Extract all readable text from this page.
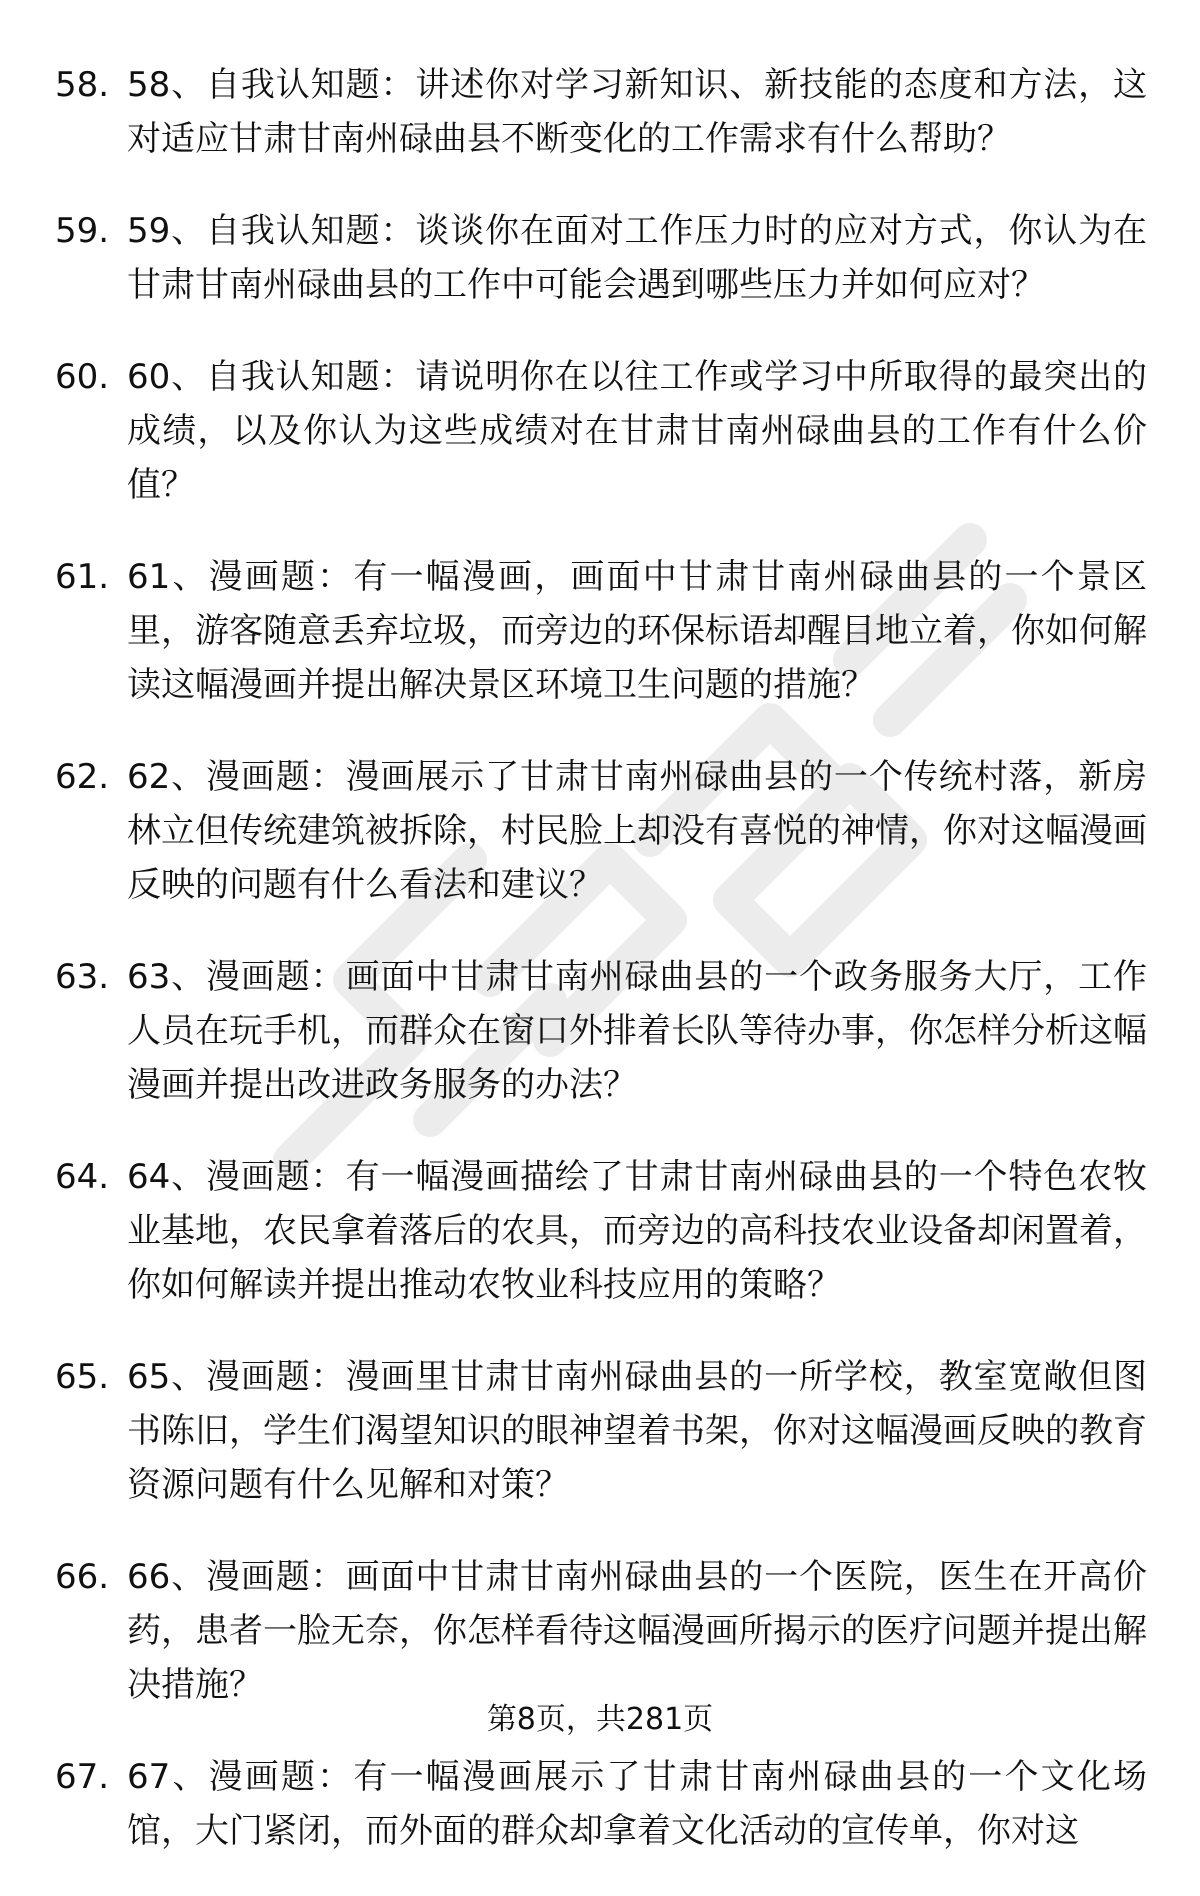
58. 58、自我认知题：讲述你对学习新知识、新技能的态度和方法，这对适应甘肃甘南州碌曲县不断变化的工作需求有什么帮助？
59. 59、自我认知题：谈谈你在面对工作压力时的应对方式，你认为在甘肃甘南州碌曲县的工作中可能会遇到哪些压力并如何应对？
60. 60、自我认知题：请说明你在以往工作或学习中所取得的最突出的成绩，以及你认为这些成绩对在甘肃甘南州碌曲县的工作有什么价值？
61. 61、漫画题：有一幅漫画，画面中甘肃甘南州碌曲县的一个景区里，游客随意丢弃垃圾，而旁边的环保标语却醒目地立着，你如何解读这幅漫画并提出解决景区环境卫生问题的措施？
62. 62、漫画题：漫画展示了甘肃甘南州碌曲县的一个传统村落，新房林立但传统建筑被拆除，村民脸上却没有喜悦的神情，你对这幅漫画反映的问题有什么看法和建议？
63. 63、漫画题：画面中甘肃甘南州碌曲县的一个政务服务大厅，工作人员在玩手机，而群众在窗口外排着长队等待办事，你怎样分析这幅漫画并提出改进政务服务的办法？
64. 64、漫画题：有一幅漫画描绘了甘肃甘南州碌曲县的一个特色农牧业基地，农民拿着落后的农具，而旁边的高科技农业设备却闲置着，你如何解读并提出推动农牧业科技应用的策略？
65. 65、漫画题：漫画里甘肃甘南州碌曲县的一所学校，教室宽敞但图书陈旧，学生们渴望知识的眼神望着书架，你对这幅漫画反映的教育资源问题有什么见解和对策？
66. 66、漫画题：画面中甘肃甘南州碌曲县的一个医院，医生在开高价药，患者一脸无奈，你怎样看待这幅漫画所揭示的医疗问题并提出解决措施？
67. 67、漫画题：有一幅漫画展示了甘肃甘南州碌曲县的一个文化场馆，大门紧闭，而外面的群众却拿着文化活动的宣传单，你对这
第8页，共281页
